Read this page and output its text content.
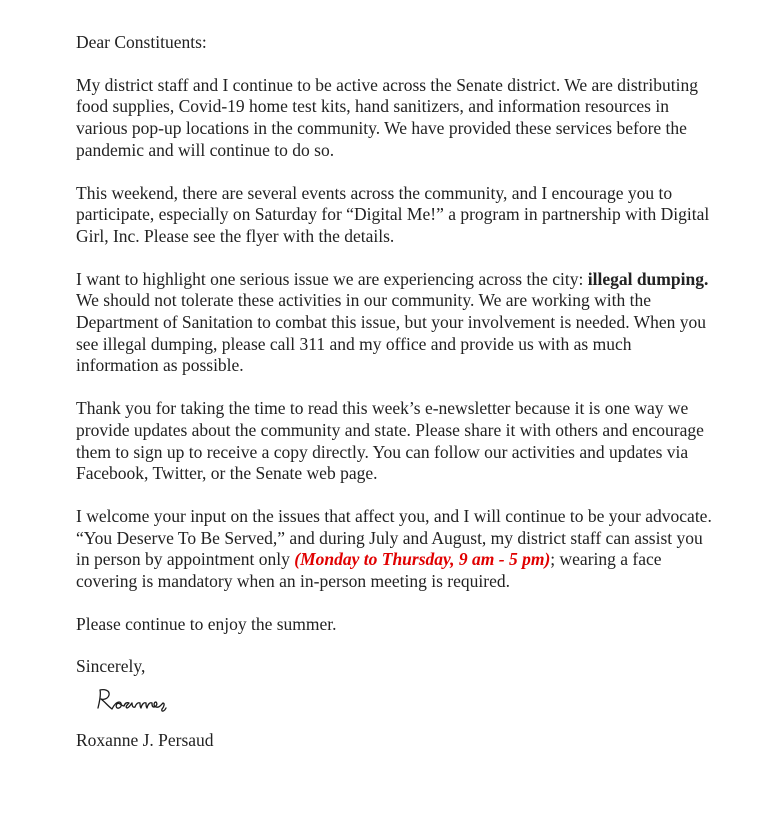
Dear Constituents:

My district staff and I continue to be active across the Senate district. We are distributing food supplies, Covid-19 home test kits, hand sanitizers, and information resources in various pop-up locations in the community. We have provided these services before the pandemic and will continue to do so.

This weekend, there are several events across the community, and I encourage you to participate, especially on Saturday for “Digital Me!” a program in partnership with Digital Girl, Inc. Please see the flyer with the details.

I want to highlight one serious issue we are experiencing across the city: illegal dumping. We should not tolerate these activities in our community. We are working with the Department of Sanitation to combat this issue, but your involvement is needed. When you see illegal dumping, please call 311 and my office and provide us with as much information as possible.

Thank you for taking the time to read this week’s e-newsletter because it is one way we provide updates about the community and state. Please share it with others and encourage them to sign up to receive a copy directly. You can follow our activities and updates via Facebook, Twitter, or the Senate web page.

I welcome your input on the issues that affect you, and I will continue to be your advocate. “You Deserve To Be Served,” and during July and August, my district staff can assist you in person by appointment only (Monday to Thursday, 9 am - 5 pm); wearing a face covering is mandatory when an in-person meeting is required.

Please continue to enjoy the summer.

Sincerely,

Roxanne J. Persaud
